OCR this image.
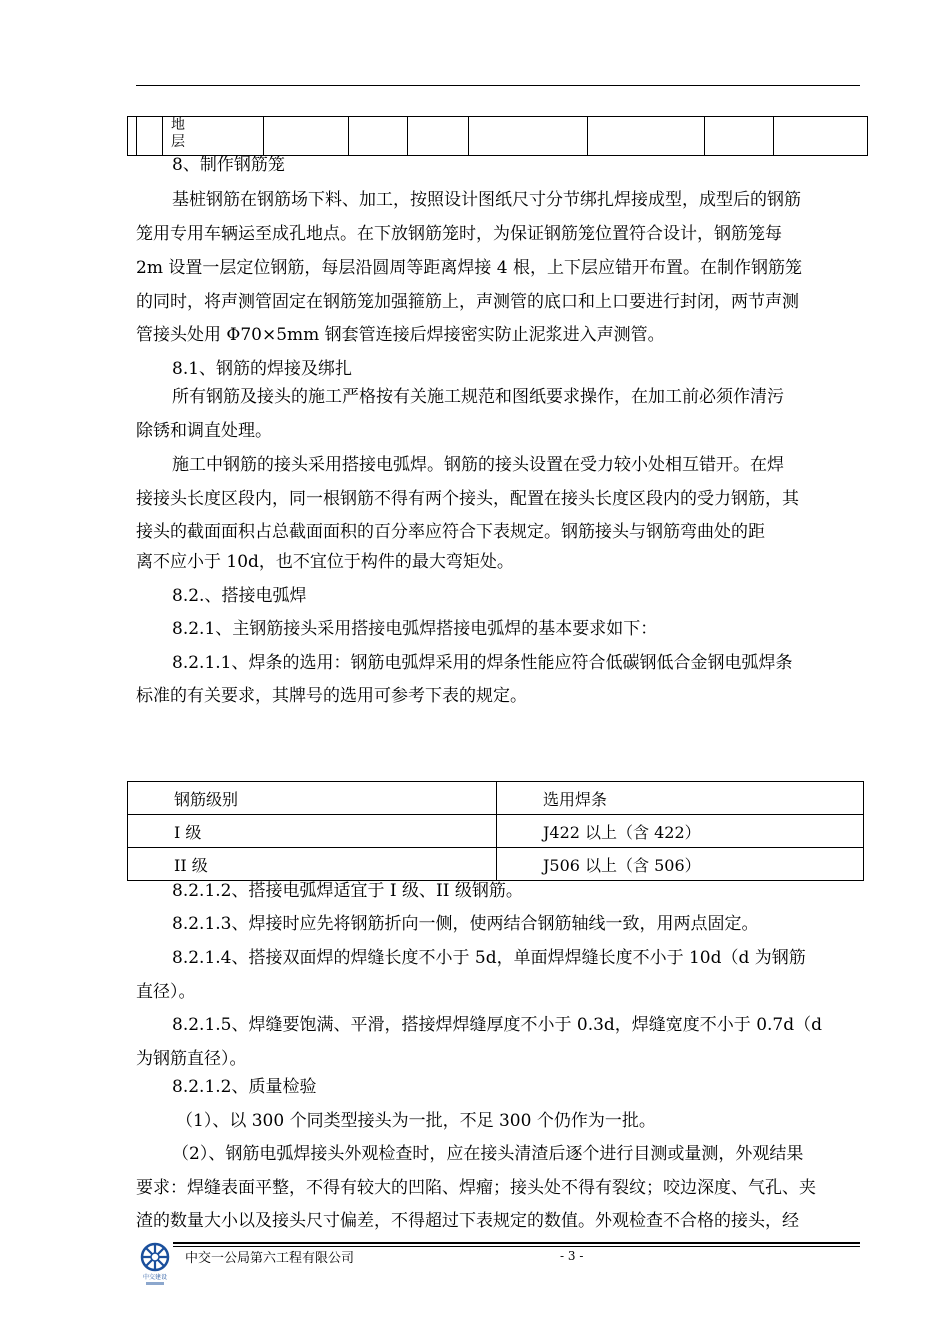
地
层

8、制作钢筋笼
基桩钢筋在钢筋场下料、加工，按照设计图纸尺寸分节绑扎焊接成型，成型后的钢筋
笼用专用车辆运至成孔地点。在下放钢筋笼时，为保证钢筋笼位置符合设计，钢筋笼每
2m 设置一层定位钢筋，每层沿圆周等距离焊接 4 根，上下层应错开布置。在制作钢筋笼
的同时，将声测管固定在钢筋笼加强箍筋上，声测管的底口和上口要进行封闭，两节声测
管接头处用 Φ70×5mm 钢套管连接后焊接密实防止泥浆进入声测管。
8.1、钢筋的焊接及绑扎
所有钢筋及接头的施工严格按有关施工规范和图纸要求操作，在加工前必须作清污
除锈和调直处理。
施工中钢筋的接头采用搭接电弧焊。钢筋的接头设置在受力较小处相互错开。在焊
接接头长度区段内，同一根钢筋不得有两个接头，配置在接头长度区段内的受力钢筋，其
接头的截面面积占总截面面积的百分率应符合下表规定。钢筋接头与钢筋弯曲处的距
离不应小于 10d，也不宜位于构件的最大弯矩处。
8.2.、搭接电弧焊
8.2.1、主钢筋接头采用搭接电弧焊搭接电弧焊的基本要求如下：
8.2.1.1、焊条的选用：钢筋电弧焊采用的焊条性能应符合低碳钢低合金钢电弧焊条
标准的有关要求，其牌号的选用可参考下表的规定。
钢筋级别	选用焊条
I 级	J422 以上（含 422）
II 级	J506 以上（含 506）
8.2.1.2、搭接电弧焊适宜于 I 级、II 级钢筋。
8.2.1.3、焊接时应先将钢筋折向一侧，使两结合钢筋轴线一致，用两点固定。
8.2.1.4、搭接双面焊的焊缝长度不小于 5d，单面焊焊缝长度不小于 10d（d 为钢筋
直径）。
8.2.1.5、焊缝要饱满、平滑，搭接焊焊缝厚度不小于 0.3d，焊缝宽度不小于 0.7d（d
为钢筋直径）。
8.2.1.2、质量检验
（1）、以 300 个同类型接头为一批，不足 300 个仍作为一批。
（2）、钢筋电弧焊接头外观检查时，应在接头清渣后逐个进行目测或量测，外观结果
要求：焊缝表面平整，不得有较大的凹陷、焊瘤；接头处不得有裂纹；咬边深度、气孔、夹
渣的数量大小以及接头尺寸偏差，不得超过下表规定的数值。外观检查不合格的接头，经
中交建设
中交一公局第六工程有限公司	- 3 -
